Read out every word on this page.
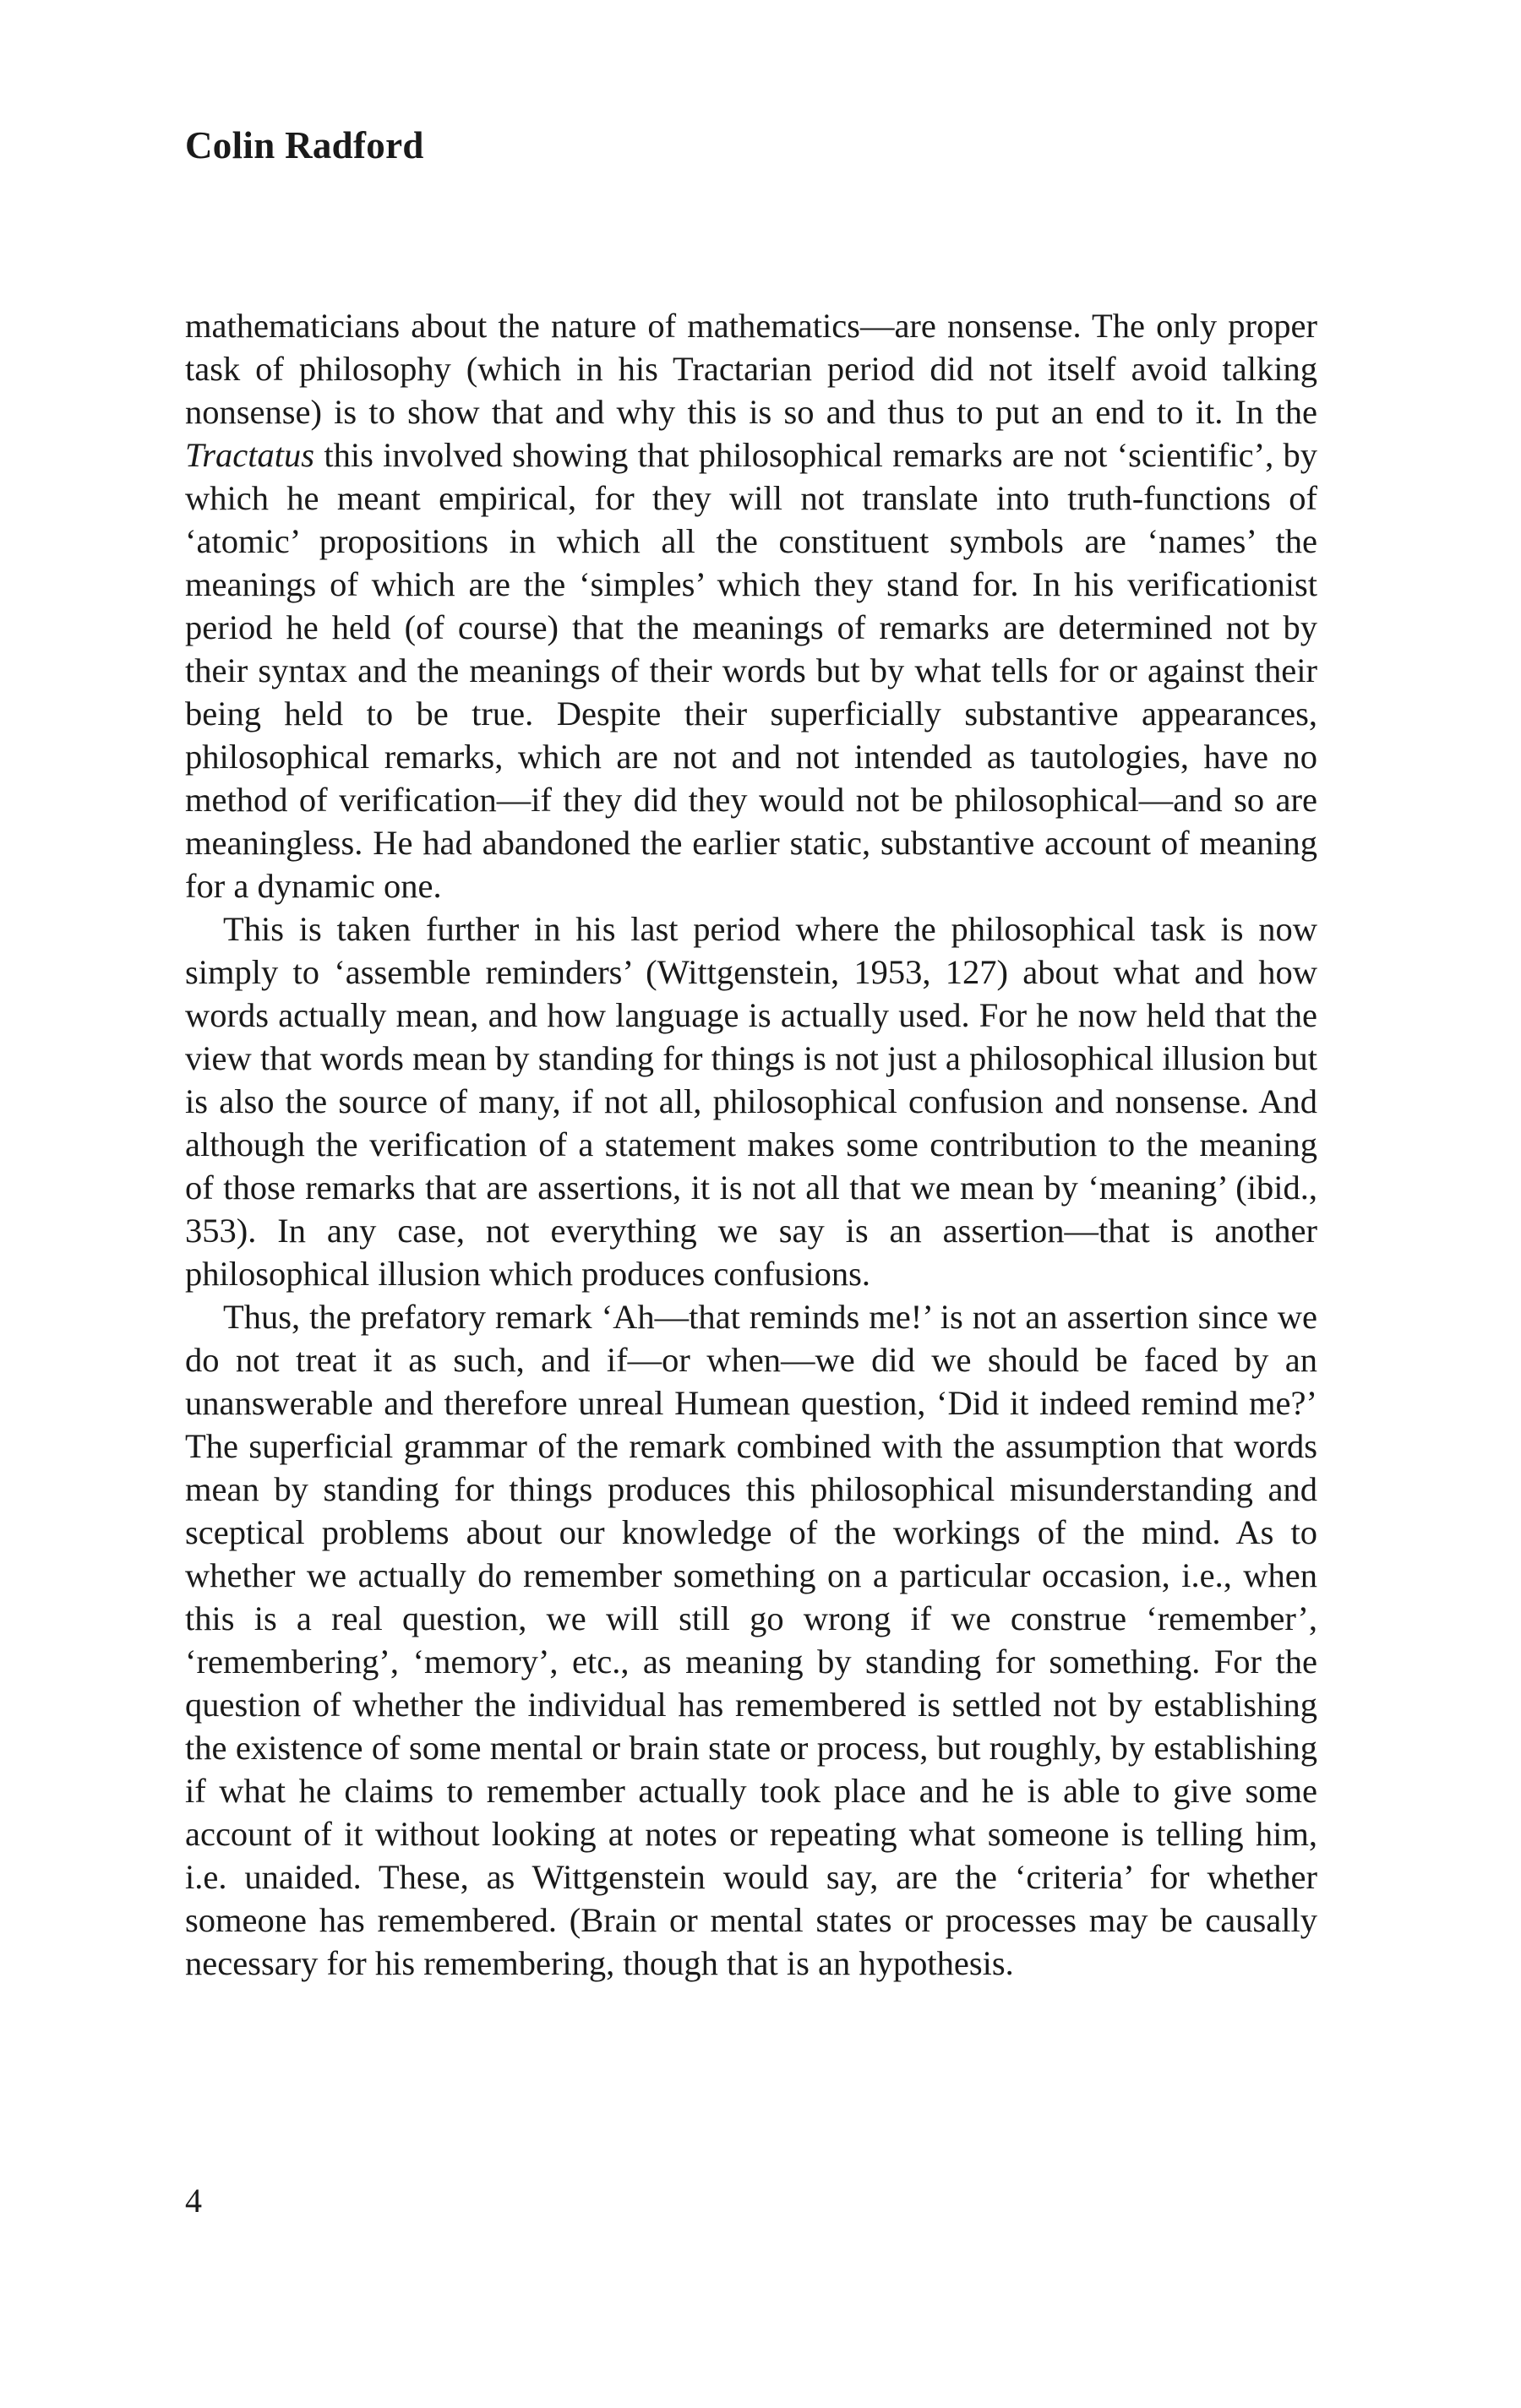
Colin Radford

mathematicians about the nature of mathematics—are nonsense. The only proper task of philosophy (which in his Tractarian period did not itself avoid talking nonsense) is to show that and why this is so and thus to put an end to it. In the Tractatus this involved showing that philosophical remarks are not ‘scientific’, by which he meant empirical, for they will not translate into truth-functions of ‘atomic’ propositions in which all the constituent symbols are ‘names’ the meanings of which are the ‘simples’ which they stand for. In his verificationist period he held (of course) that the meanings of remarks are determined not by their syntax and the meanings of their words but by what tells for or against their being held to be true. Despite their superficially substantive appearances, philosophical remarks, which are not and not intended as tautologies, have no method of verification—if they did they would not be philosophical—and so are meaningless. He had abandoned the earlier static, substantive account of meaning for a dynamic one.

This is taken further in his last period where the philosophical task is now simply to ‘assemble reminders’ (Wittgenstein, 1953, 127) about what and how words actually mean, and how language is actually used. For he now held that the view that words mean by standing for things is not just a philosophical illusion but is also the source of many, if not all, philosophical confusion and nonsense. And although the verification of a statement makes some contribution to the meaning of those remarks that are assertions, it is not all that we mean by ‘meaning’ (ibid., 353). In any case, not everything we say is an assertion—that is another philosophical illusion which produces confusions.

Thus, the prefatory remark ‘Ah—that reminds me!’ is not an assertion since we do not treat it as such, and if—or when—we did we should be faced by an unanswerable and therefore unreal Humean question, ‘Did it indeed remind me?’ The superficial grammar of the remark combined with the assumption that words mean by standing for things produces this philosophical misunderstanding and sceptical problems about our knowledge of the workings of the mind. As to whether we actually do remember something on a particular occasion, i.e., when this is a real question, we will still go wrong if we construe ‘remember’, ‘remembering’, ‘memory’, etc., as meaning by standing for something. For the question of whether the individual has remembered is settled not by establishing the existence of some mental or brain state or process, but roughly, by establishing if what he claims to remember actually took place and he is able to give some account of it without looking at notes or repeating what someone is telling him, i.e. unaided. These, as Wittgenstein would say, are the ‘criteria’ for whether someone has remembered. (Brain or mental states or processes may be causally necessary for his remembering, though that is an hypothesis.

4
